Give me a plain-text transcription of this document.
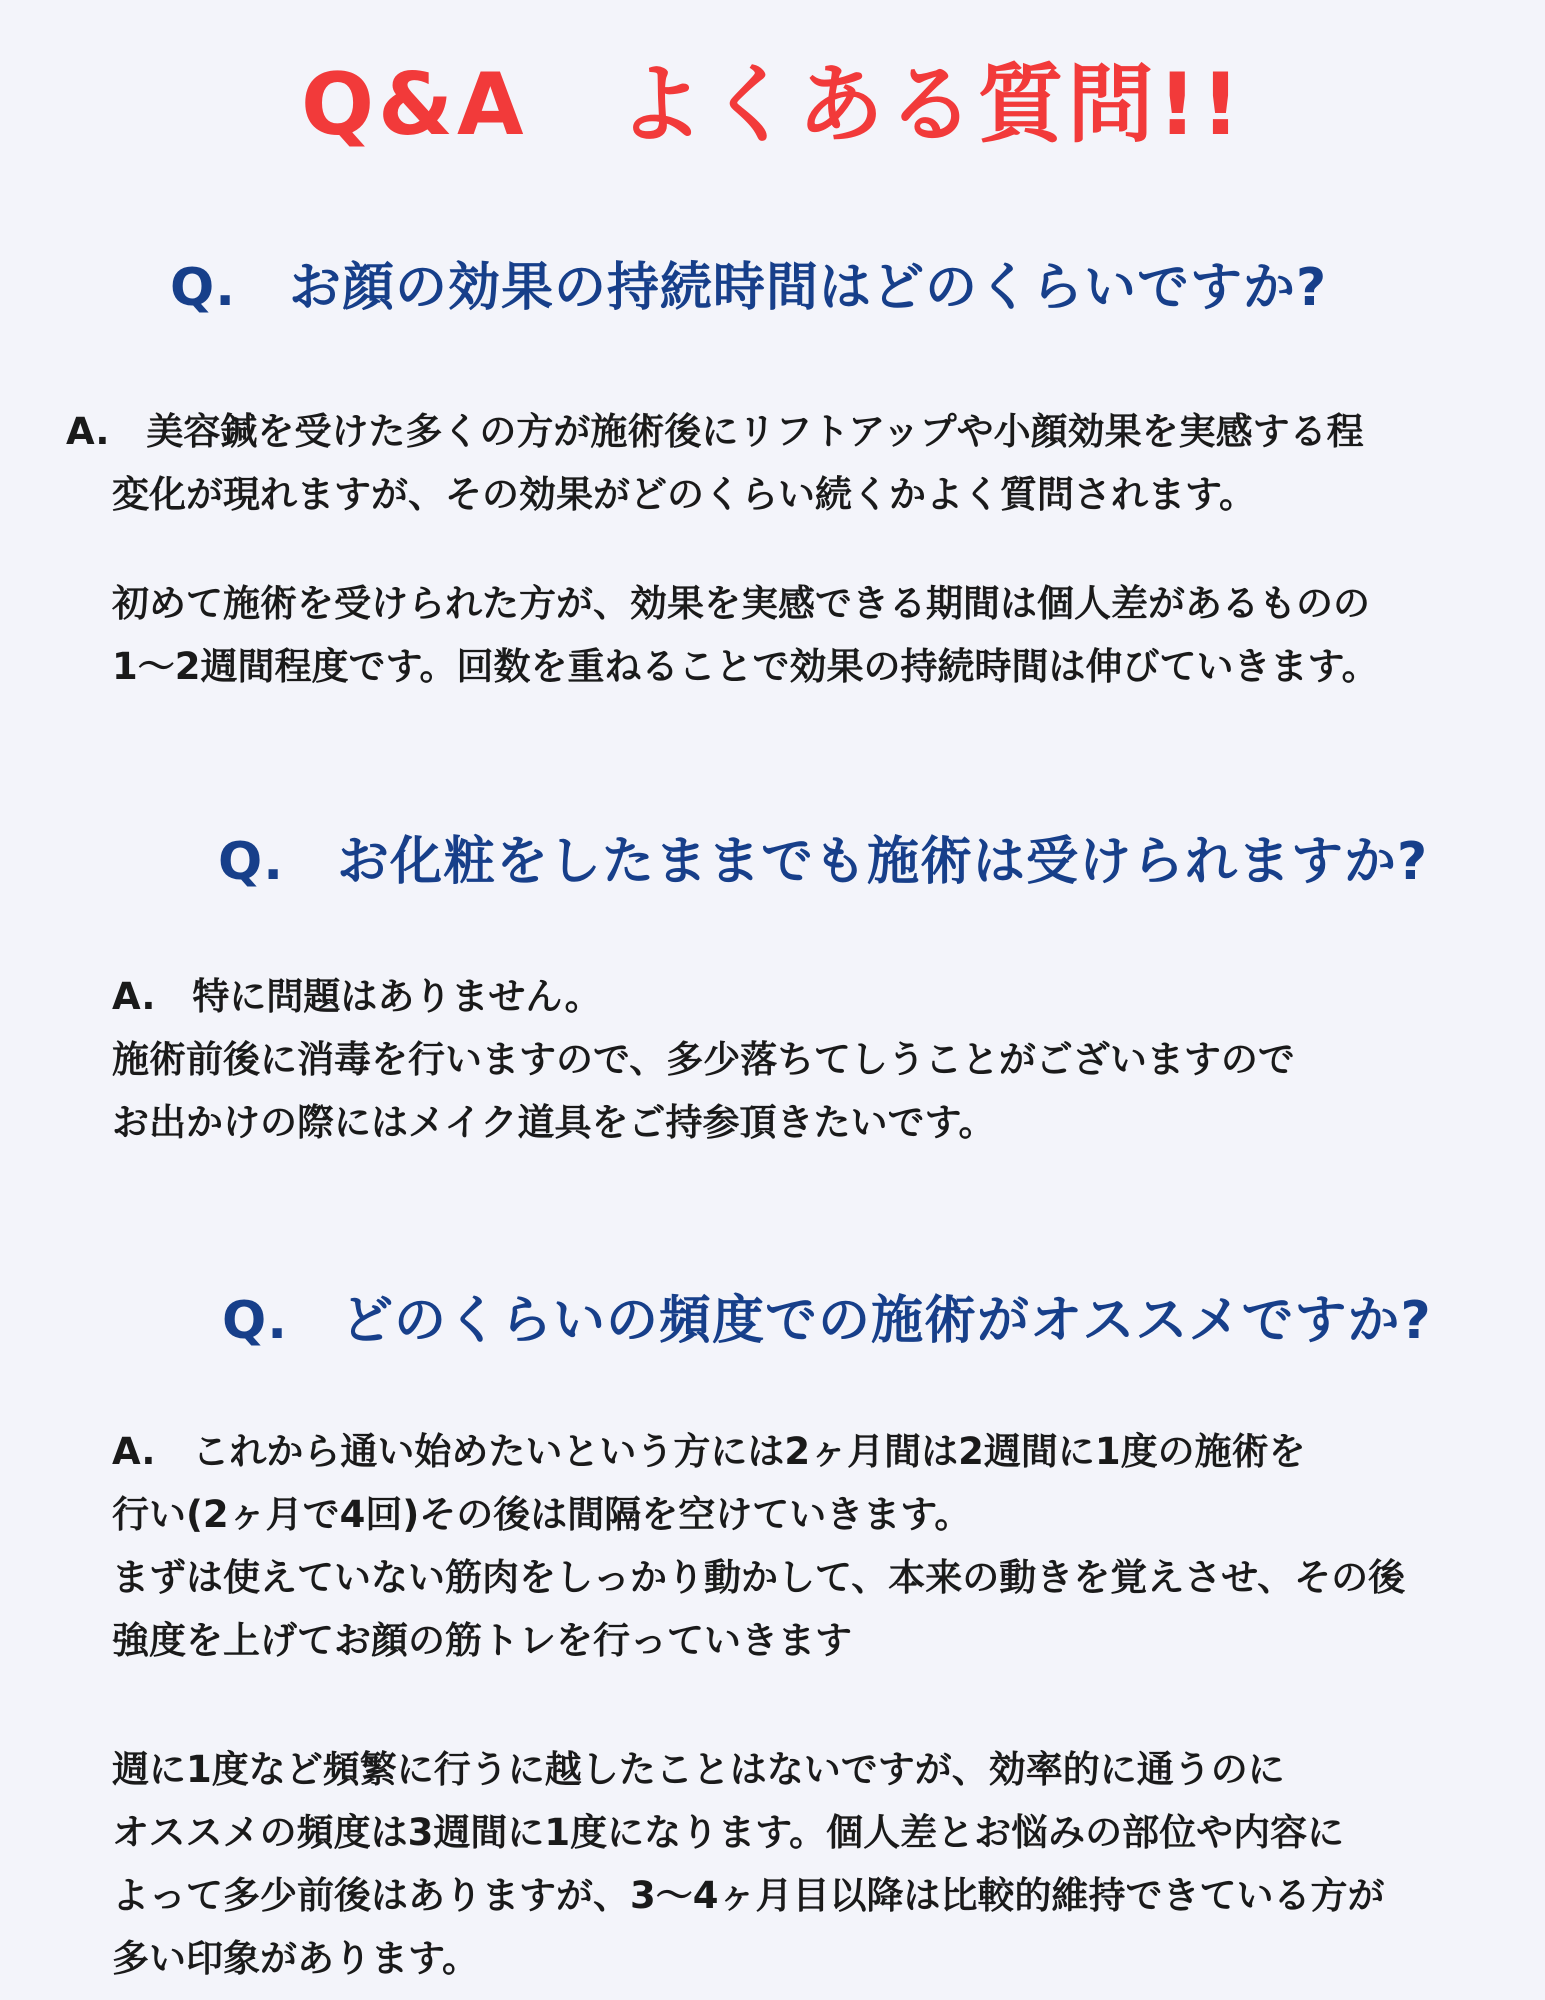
Q&A　よくある質問!!
Q.　お顔の効果の持続時間はどのくらいですか?
A.　美容鍼を受けた多くの方が施術後にリフトアップや小顔効果を実感する程
変化が現れますが、その効果がどのくらい続くかよく質問されます。
初めて施術を受けられた方が、効果を実感できる期間は個人差があるものの
1〜2週間程度です。回数を重ねることで効果の持続時間は伸びていきます。
Q.　お化粧をしたままでも施術は受けられますか?
A.　特に問題はありません。
施術前後に消毒を行いますので、多少落ちてしうことがございますので
お出かけの際にはメイク道具をご持参頂きたいです。
Q.　どのくらいの頻度での施術がオススメですか?
A.　これから通い始めたいという方には2ヶ月間は2週間に1度の施術を
行い(2ヶ月で4回)その後は間隔を空けていきます。
まずは使えていない筋肉をしっかり動かして、本来の動きを覚えさせ、その後
強度を上げてお顔の筋トレを行っていきます
週に1度など頻繁に行うに越したことはないですが、効率的に通うのに
オススメの頻度は3週間に1度になります。個人差とお悩みの部位や内容に
よって多少前後はありますが、3〜4ヶ月目以降は比較的維持できている方が
多い印象があります。
